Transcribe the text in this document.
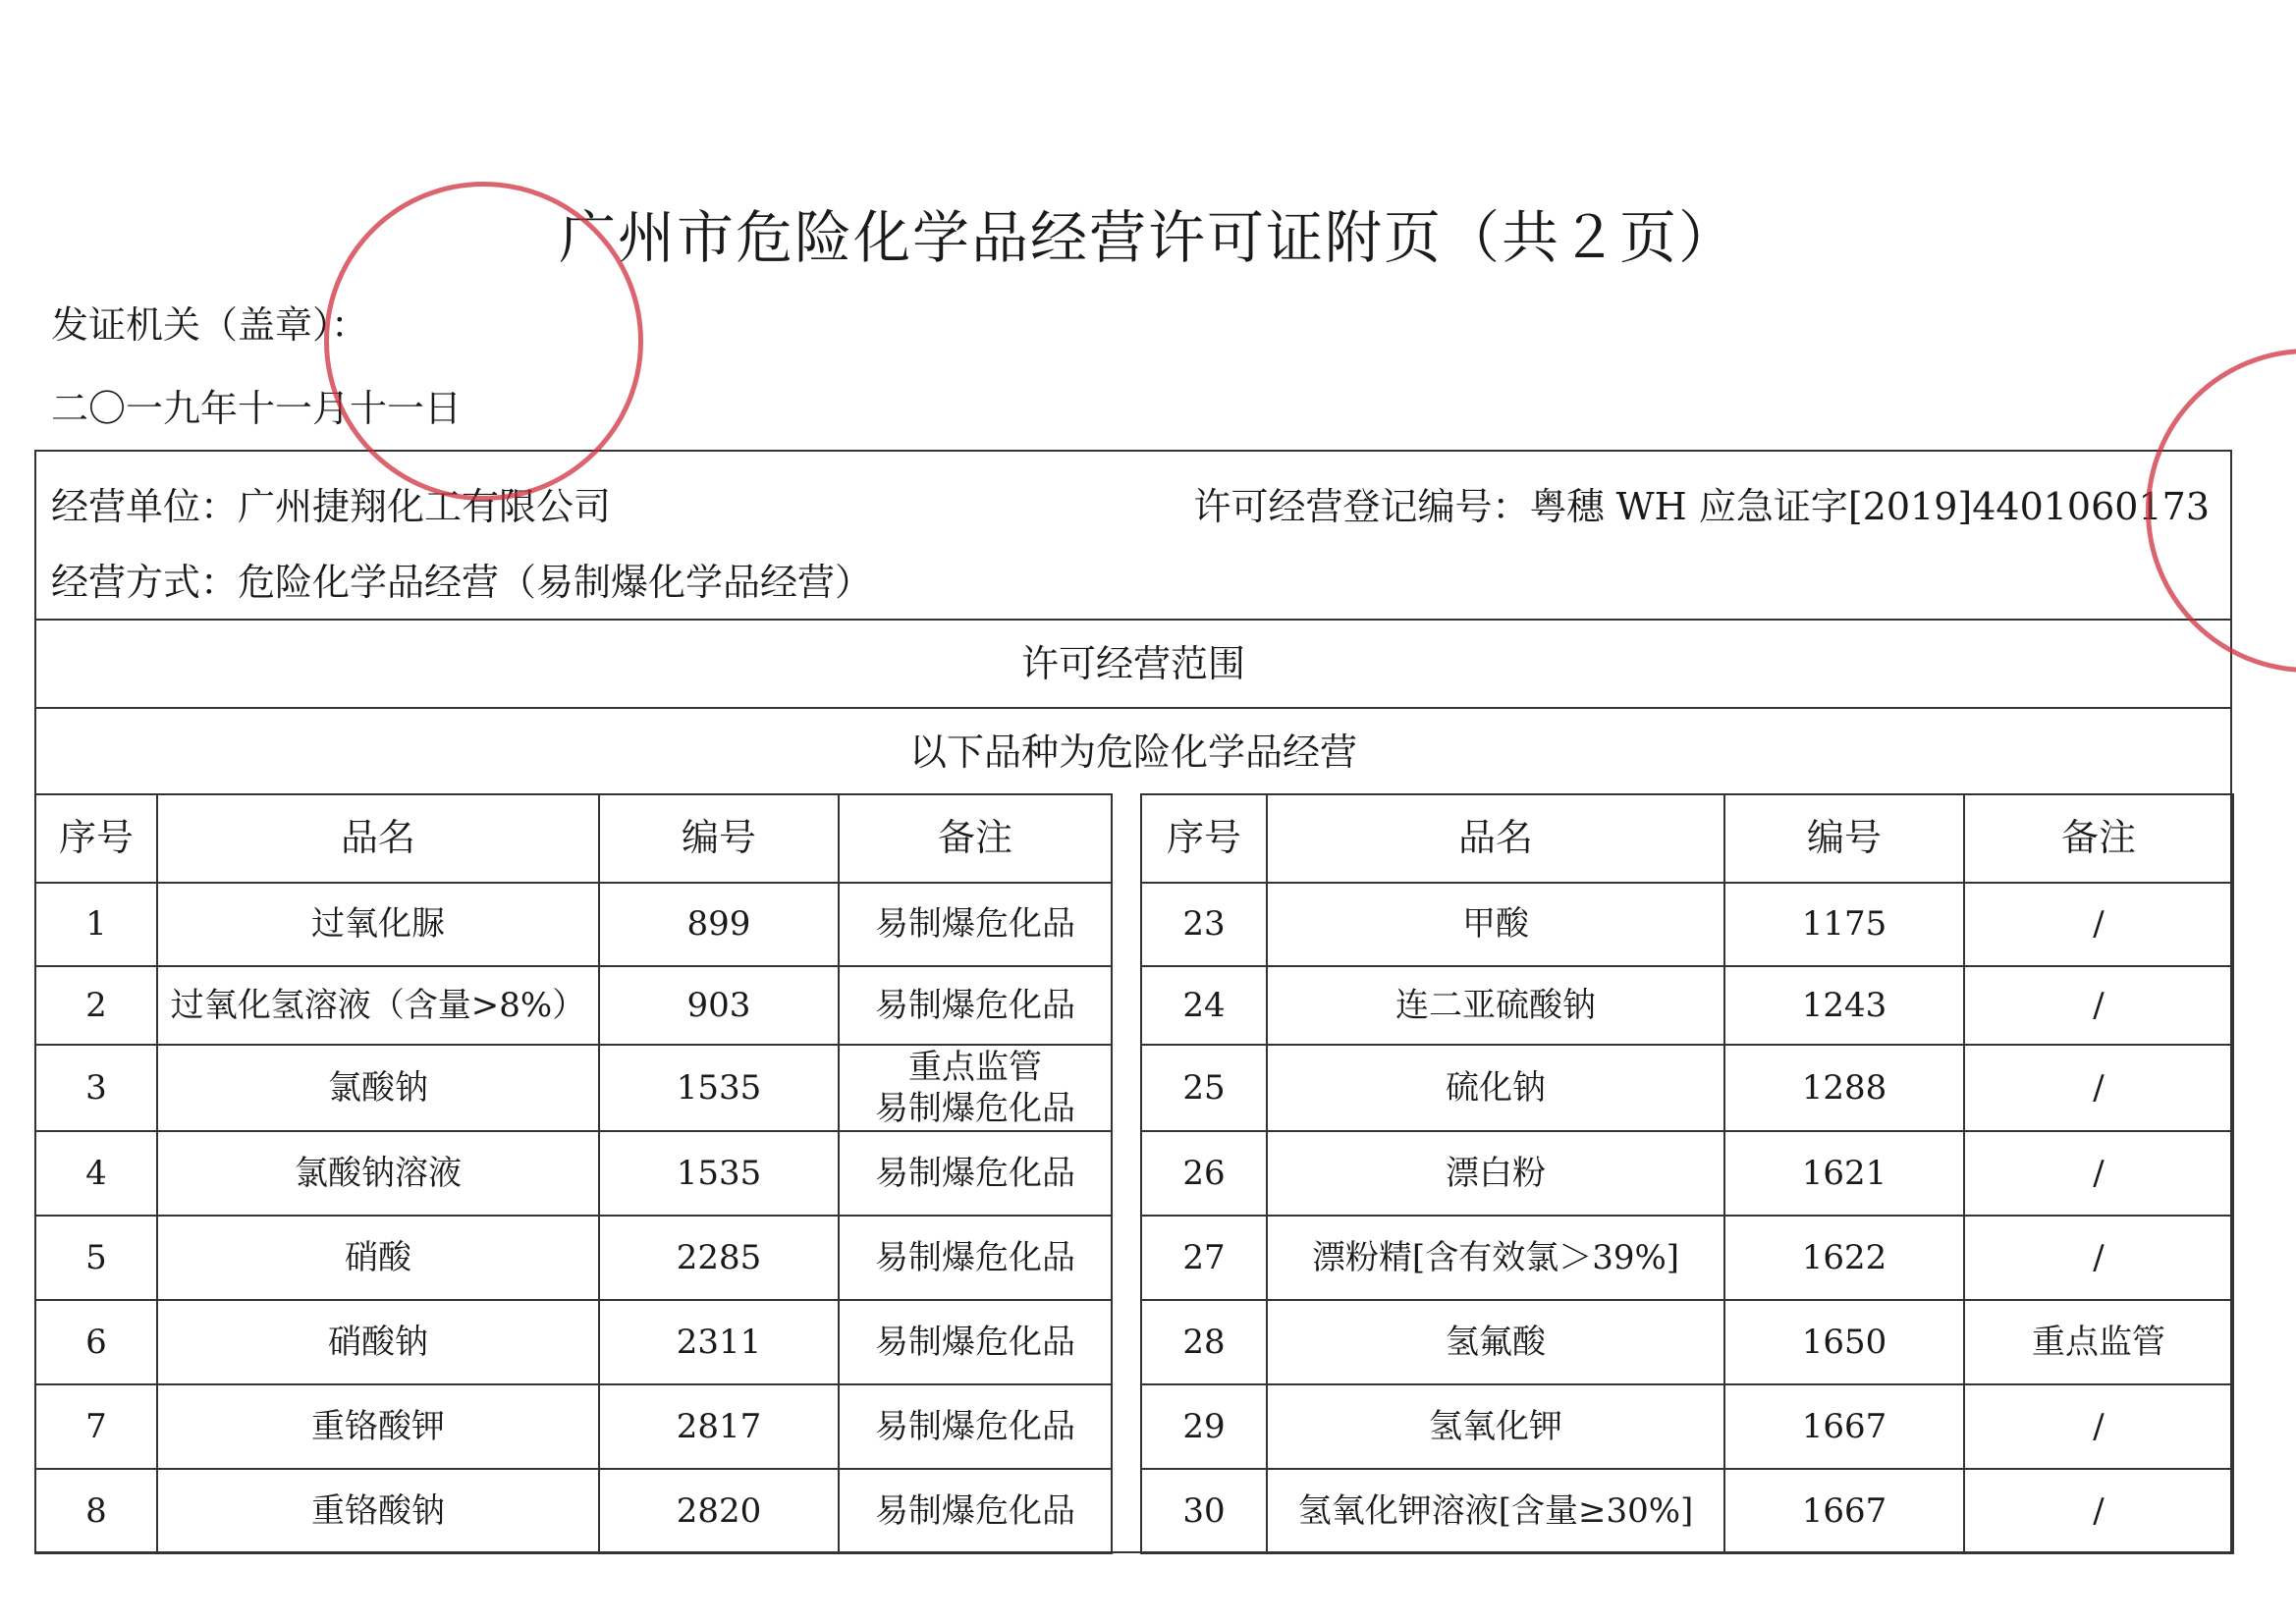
广州市危险化学品经营许可证附页（共２页）
发证机关（盖章）：
二〇一九年十一月十一日
经营单位：广州捷翔化工有限公司	许可经营登记编号：粤穗 WH 应急证字[2019]4401060173
经营方式：危险化学品经营（易制爆化学品经营）
许可经营范围
以下品种为危险化学品经营
序号	品名	编号	备注
1	过氧化脲	899	易制爆危化品
2	过氧化氢溶液（含量>8%）	903	易制爆危化品
3	氯酸钠	1535	重点监管
易制爆危化品
4	氯酸钠溶液	1535	易制爆危化品
5	硝酸	2285	易制爆危化品
6	硝酸钠	2311	易制爆危化品
7	重铬酸钾	2817	易制爆危化品
8	重铬酸钠	2820	易制爆危化品
序号	品名	编号	备注
23	甲酸	1175	/
24	连二亚硫酸钠	1243	/
25	硫化钠	1288	/
26	漂白粉	1621	/
27	漂粉精[含有效氯＞39%]	1622	/
28	氢氟酸	1650	重点监管
29	氢氧化钾	1667	/
30	氢氧化钾溶液[含量≥30%]	1667	/
